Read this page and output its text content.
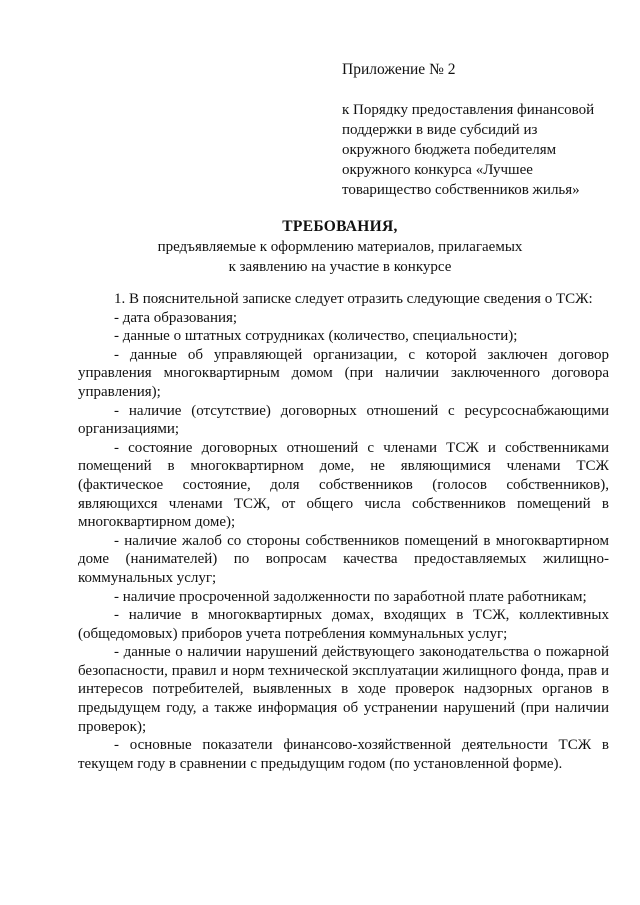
Приложение № 2
к Порядку предоставления финансовой
поддержки в виде субсидий из
окружного бюджета победителям
окружного конкурса «Лучшее
товарищество собственников жилья»
ТРЕБОВАНИЯ,
предъявляемые к оформлению материалов, прилагаемых
к заявлению на участие в конкурсе

1. В пояснительной записке следует отразить следующие сведения о ТСЖ:

- дата образования;

- данные о штатных сотрудниках (количество, специальности);

- данные об управляющей организации, с которой заключен договор управления многоквартирным домом (при наличии заключенного договора управления);

- наличие (отсутствие) договорных отношений с ресурсоснабжающими организациями;

- состояние договорных отношений с членами ТСЖ и собственниками помещений в многоквартирном доме, не являющимися членами ТСЖ (фактическое состояние, доля собственников (голосов собственников), являющихся членами ТСЖ, от общего числа собственников помещений в многоквартирном доме);

- наличие жалоб со стороны собственников помещений в многоквартирном доме (нанимателей) по вопросам качества предоставляемых жилищно-коммунальных услуг;

- наличие просроченной задолженности по заработной плате работникам;

- наличие в многоквартирных домах, входящих в ТСЖ, коллективных (общедомовых) приборов учета потребления коммунальных услуг;

- данные о наличии нарушений действующего законодательства о пожарной безопасности, правил и норм технической эксплуатации жилищного фонда, прав и интересов потребителей, выявленных в ходе проверок надзорных органов в предыдущем году, а также информация об устранении нарушений (при наличии проверок);

- основные показатели финансово-хозяйственной деятельности ТСЖ в текущем году в сравнении с предыдущим годом (по установленной форме).
